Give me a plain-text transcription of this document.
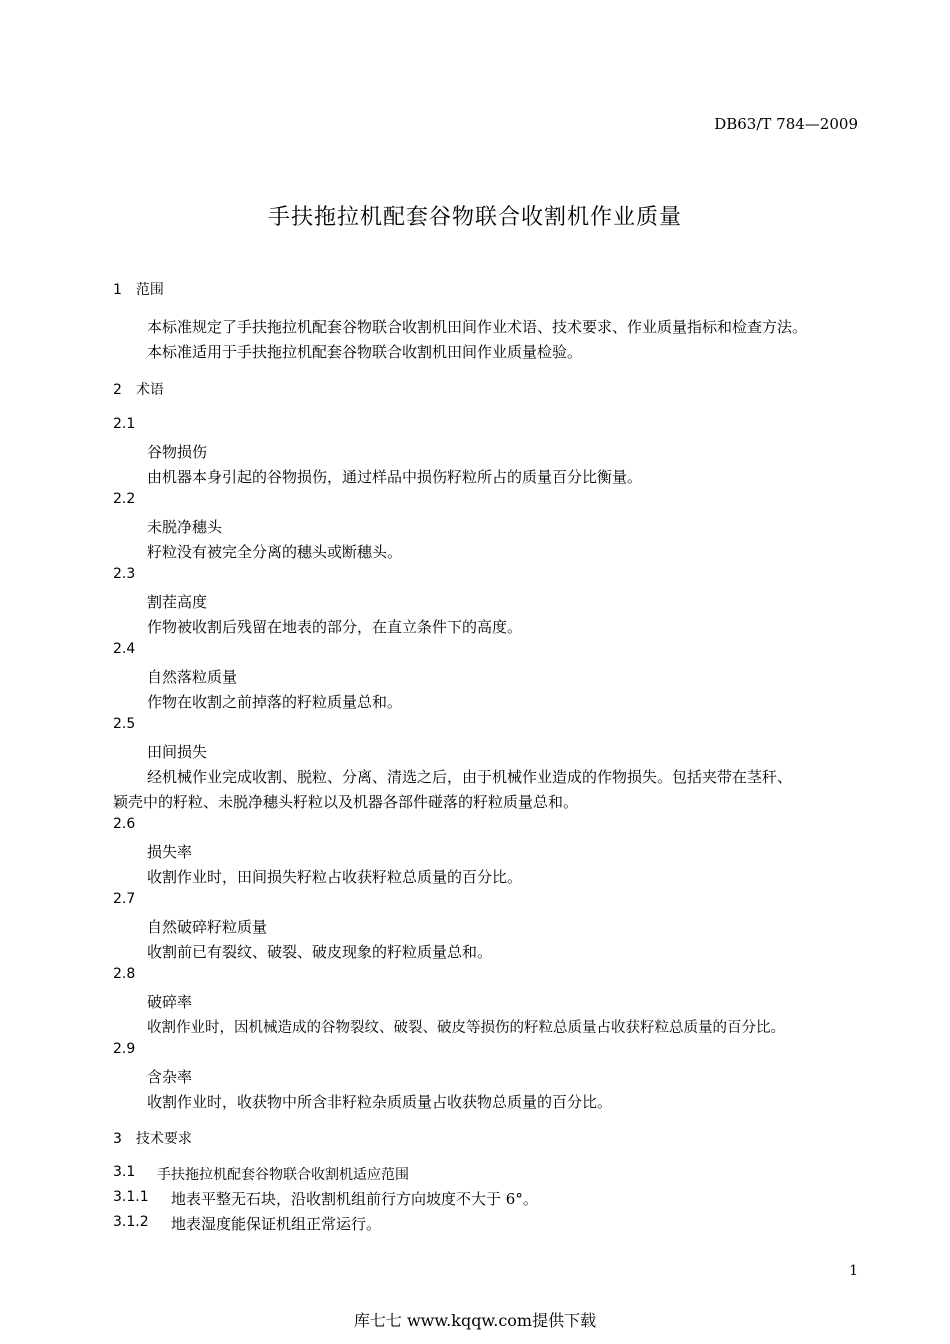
DB63/T 784—2009
手扶拖拉机配套谷物联合收割机作业质量
1　范围
本标准规定了手扶拖拉机配套谷物联合收割机田间作业术语、技术要求、作业质量指标和检查方法。
本标准适用于手扶拖拉机配套谷物联合收割机田间作业质量检验。
2　术语
2.1
谷物损伤
由机器本身引起的谷物损伤，通过样品中损伤籽粒所占的质量百分比衡量。
2.2
未脱净穗头
籽粒没有被完全分离的穗头或断穗头。
2.3
割茬高度
作物被收割后残留在地表的部分，在直立条件下的高度。
2.4
自然落粒质量
作物在收割之前掉落的籽粒质量总和。
2.5
田间损失
经机械作业完成收割、脱粒、分离、清选之后，由于机械作业造成的作物损失。包括夹带在茎秆、
颖壳中的籽粒、未脱净穗头籽粒以及机器各部件碰落的籽粒质量总和。
2.6
损失率
收割作业时，田间损失籽粒占收获籽粒总质量的百分比。
2.7
自然破碎籽粒质量
收割前已有裂纹、破裂、破皮现象的籽粒质量总和。
2.8
破碎率
收割作业时，因机械造成的谷物裂纹、破裂、破皮等损伤的籽粒总质量占收获籽粒总质量的百分比。
2.9
含杂率
收割作业时，收获物中所含非籽粒杂质质量占收获物总质量的百分比。
3　技术要求
3.1 手扶拖拉机配套谷物联合收割机适应范围
3.1.1 地表平整无石块，沿收割机组前行方向坡度不大于 6°。
3.1.2 地表湿度能保证机组正常运行。
1
库七七 www.kqqw.com提供下载
